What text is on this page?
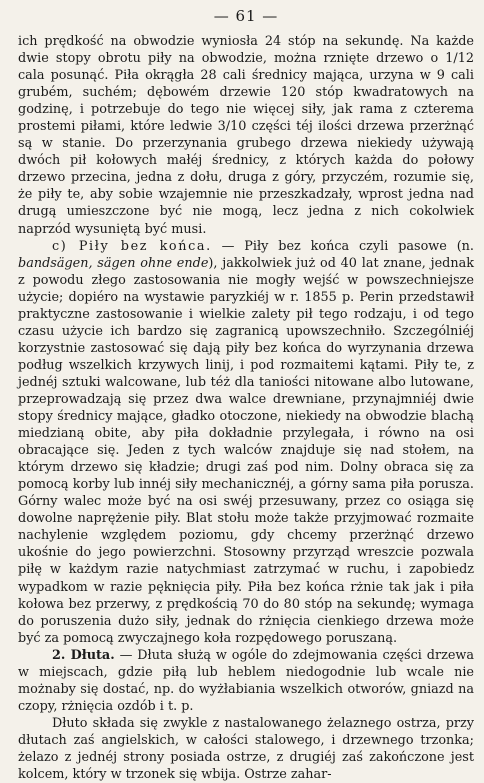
— 61 —

ich prędkość na obwodzie wyniosła 24 stóp na sekundę. Na każde dwie stopy obrotu piły na obwodzie, można rznięte drzewo o 1/12 cala posunąć. Piła okrągła 28 cali średnicy mająca, urzyna w 9 cali grubém, suchém; dębowém drzewie 120 stóp kwadratowych na godzinę, i potrzebuje do tego nie więcej siły, jak rama z czterema prostemi piłami, które ledwie 3/10 części téj ilości drzewa przerżnąć są w stanie. Do przerzynania grubego drzewa niekiedy używają dwóch pił kołowych małéj średnicy, z których każda do połowy drzewo przecina, jedna z dołu, druga z góry, przyczém, rozumie się, że piły te, aby sobie wzajemnie nie przeszkadzały, wprost jedna nad drugą umieszczone być nie mogą, lecz jedna z nich cokolwiek naprzód wysuniętą być musi.

c) Piły bez końca. — Piły bez końca czyli pasowe (n. bandsägen, sägen ohne ende), jakkolwiek już od 40 lat znane, jednak z powodu złego zastosowania nie mogły wejść w powszechniejsze użycie; dopiéro na wystawie paryzkiéj w r. 1855 p. Perin przedstawił praktyczne zastosowanie i wielkie zalety pił tego rodzaju, i od tego czasu użycie ich bardzo się zagranicą upowszechniło. Szczególniéj korzystnie zastosować się dają piły bez końca do wyrzynania drzewa podług wszelkich krzywych linij, i pod rozmaitemi kątami. Piły te, z jednéj sztuki walcowane, lub téż dla taniości nitowane albo lutowane, przeprowadzają się przez dwa walce drewniane, przynajmniéj dwie stopy średnicy mające, gładko otoczone, niekiedy na obwodzie blachą miedzianą obite, aby piła dokładnie przylegała, i równo na osi obracające się. Jeden z tych walców znajduje się nad stołem, na którym drzewo się kładzie; drugi zaś pod nim. Dolny obraca się za pomocą korby lub innéj siły mechanicznéj, a górny sama piła porusza. Górny walec może być na osi swéj przesuwany, przez co osiąga się dowolne naprężenie piły. Blat stołu może także przyjmować rozmaite nachylenie względem poziomu, gdy chcemy przerżnąć drzewo ukośnie do jego powierzchni. Stosowny przyrząd wreszcie pozwala piłę w każdym razie natychmiast zatrzymać w ruchu, i zapobiedz wypadkom w razie pęknięcia piły. Piła bez końca rżnie tak jak i piła kołowa bez przerwy, z prędkością 70 do 80 stóp na sekundę; wymaga do poruszenia dużo siły, jednak do rżnięcia cienkiego drzewa może być za pomocą zwyczajnego koła rozpędowego poruszaną.

2. Dłuta. — Dłuta służą w ogóle do zdejmowania części drzewa w miejscach, gdzie piłą lub heblem niedogodnie lub wcale nie możnaby się dostać, np. do wyżłabiania wszelkich otworów, gniazd na czopy, rżnięcia ozdób i t. p.

Dłuto składa się zwykle z nastalowanego żelaznego ostrza, przy dłutach zaś angielskich, w całości stalowego, i drzewnego trzonka; żelazo z jednéj strony posiada ostrze, z drugiéj zaś zakończone jest kolcem, który w trzonek się wbija. Ostrze zahar-
